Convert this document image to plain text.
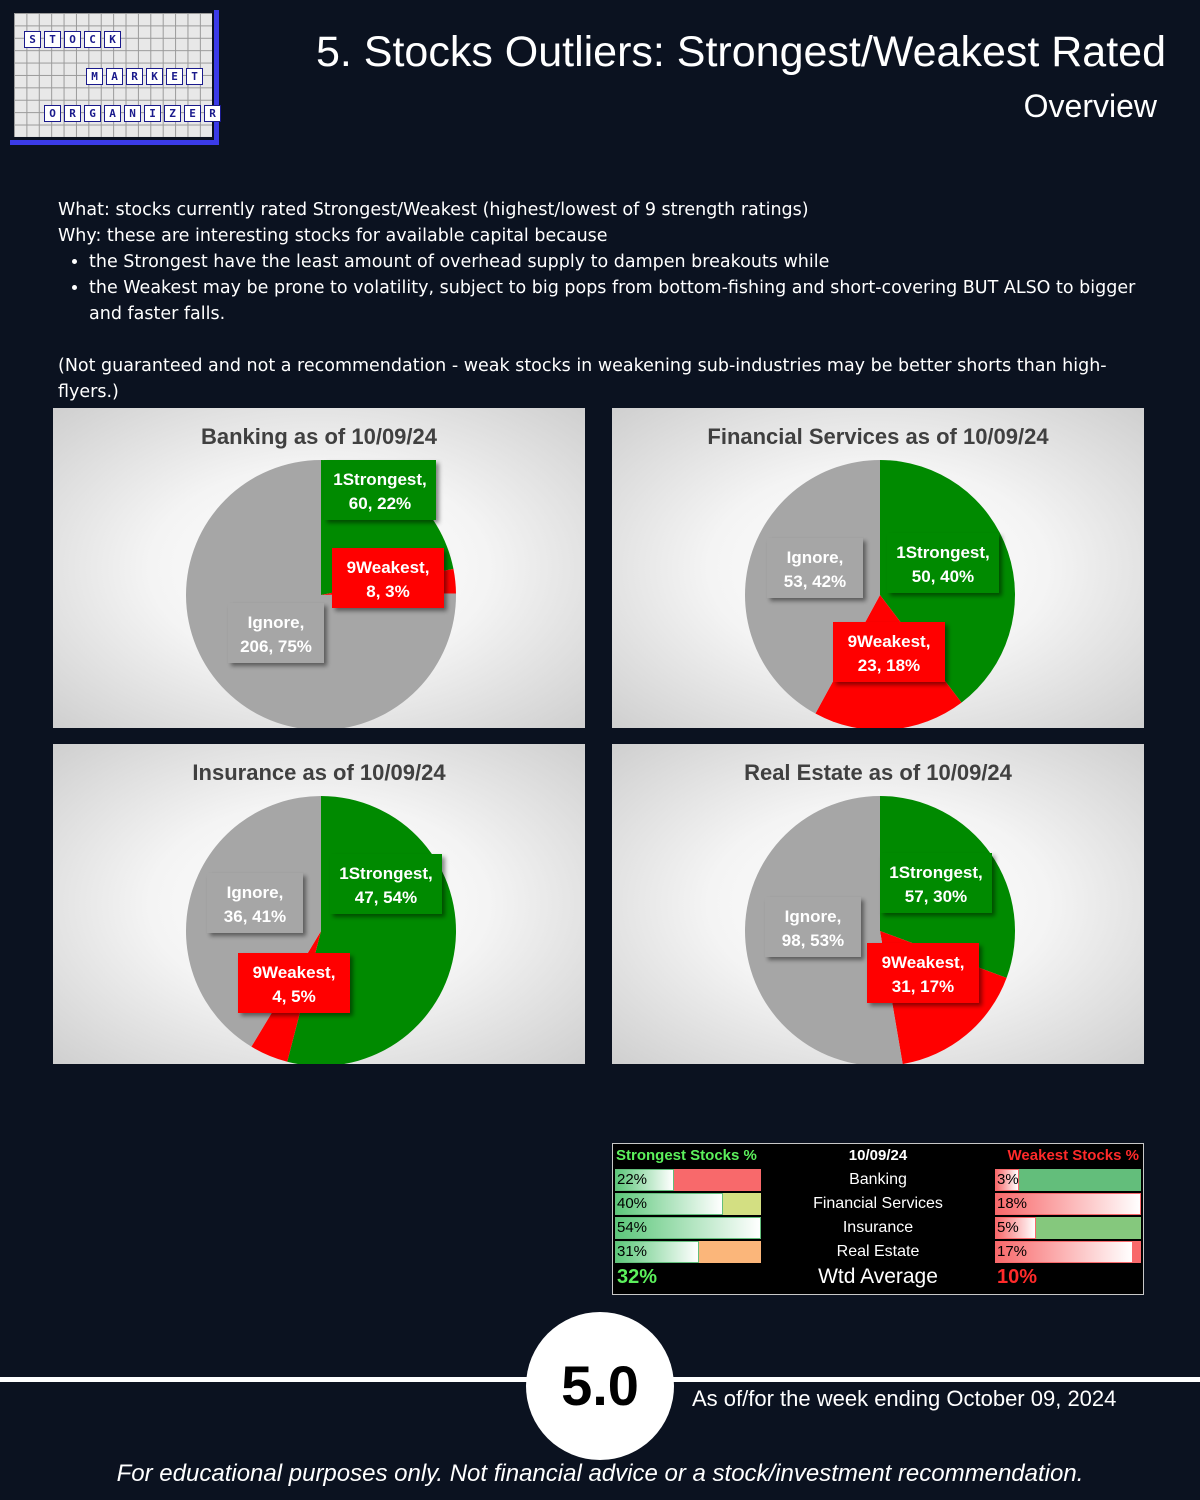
S	T	O	C	K
M	A	R	K	E	T
O	R	G	A	N	I	Z	E	R
5. Stocks Outliers: Strongest/Weakest Rated
Overview

What: stocks currently rated Strongest/Weakest (highest/lowest of 9 strength ratings)

Why: these are interesting stocks for available capital because

• the Strongest have the least amount of overhead supply to dampen breakouts while
• the Weakest may be prone to volatility, subject to big pops from bottom-fishing and short-covering BUT ALSO to bigger and faster falls.

(Not guaranteed and not a recommendation - weak stocks in weakening sub-industries may be better shorts than high-flyers.)

1Strongest,
60, 22%
9Weakest,
8, 3%
Ignore,
206, 75%
Banking as of 10/09/24
1Strongest,
50, 40%
9Weakest,
23, 18%
Ignore,
53, 42%
Financial Services as of 10/09/24
1Strongest,
47, 54%
9Weakest,
4, 5%
Ignore,
36, 41%
Insurance as of 10/09/24
1Strongest,
57, 30%
9Weakest,
31, 17%
Ignore,
98, 53%
Real Estate as of 10/09/24
Strongest Stocks %	10/09/24	Weakest Stocks %
22%	Banking	3%
40%	Financial Services	18%
54%	Insurance	5%
31%	Real Estate	17%
32%	Wtd Average	10%
5.0	As of/for the week ending October 09, 2024
For educational purposes only. Not financial advice or a stock/investment recommendation.
